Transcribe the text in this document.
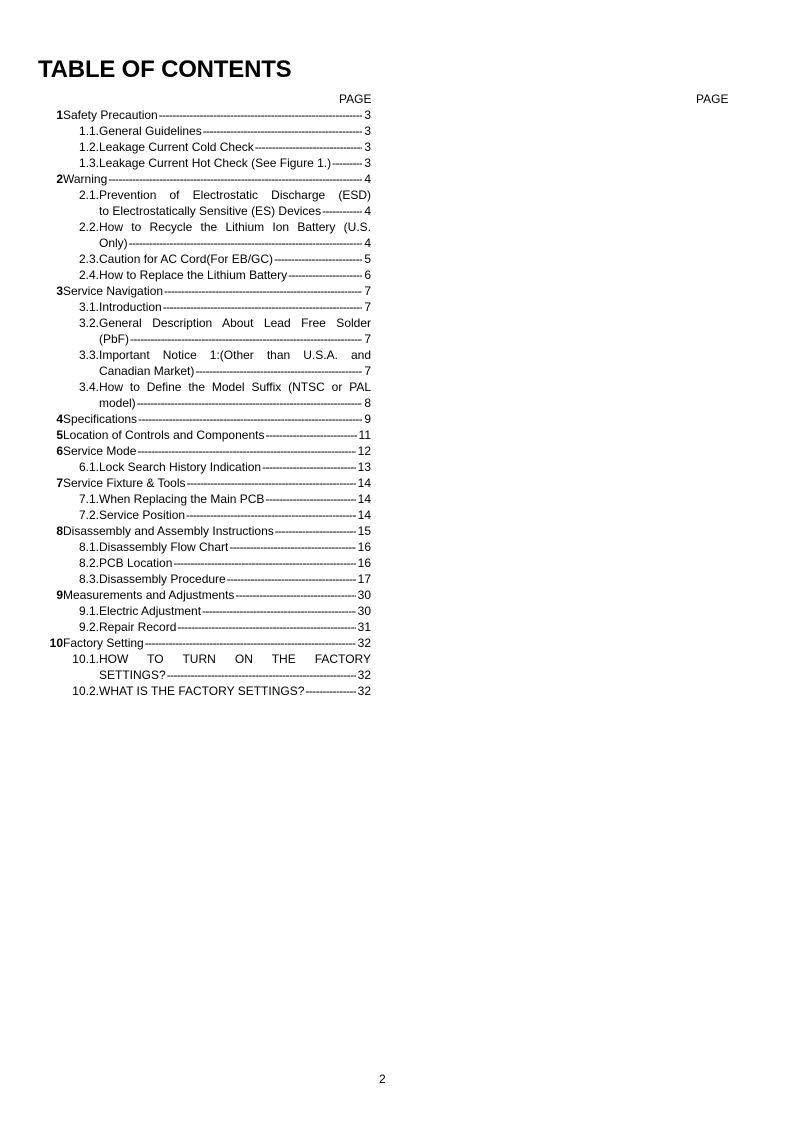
TABLE OF CONTENTS
PAGE	PAGE
1 Safety Precaution -----	3
1.1. General Guidelines -----	3
1.2. Leakage Current Cold Check -----	3
1.3. Leakage Current Hot Check (See Figure 1.) -----	3
2 Warning -----	4
2.1. Prevention of Electrostatic Discharge (ESD)
to Electrostatically Sensitive (ES) Devices -----	4
2.2. How to Recycle the Lithium Ion Battery (U.S.
Only) -----	4
2.3. Caution for AC Cord(For EB/GC) -----	5
2.4. How to Replace the Lithium Battery -----	6
3 Service Navigation -----	7
3.1. Introduction -----	7
3.2. General Description About Lead Free Solder
(PbF) -----	7
3.3. Important Notice 1:(Other than U.S.A. and
Canadian Market) -----	7
3.4. How to Define the Model Suffix (NTSC or PAL
model) -----	8
4 Specifications -----	9
5 Location of Controls and Components -----	11
6 Service Mode -----	12
6.1. Lock Search History Indication -----	13
7 Service Fixture & Tools -----	14
7.1. When Replacing the Main PCB -----	14
7.2. Service Position -----	14
8 Disassembly and Assembly Instructions -----	15
8.1. Disassembly Flow Chart -----	16
8.2. PCB Location -----	16
8.3. Disassembly Procedure -----	17
9 Measurements and Adjustments -----	30
9.1. Electric Adjustment -----	30
9.2. Repair Record -----	31
10 Factory Setting -----	32
10.1. HOW TO TURN ON THE FACTORY
SETTINGS? -----	32
10.2. WHAT IS THE FACTORY SETTINGS? -----	32
2
